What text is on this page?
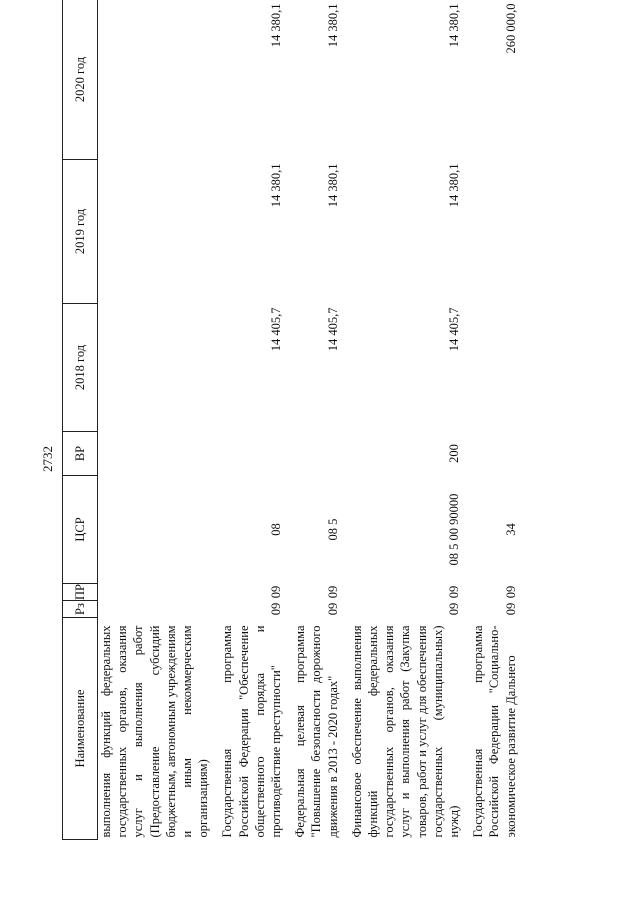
2732
Наименование	Рз	ПР	ЦСР	ВР	2018 год	2019 год	2020 год
выполнения функций федеральных государственных органов, оказания услуг и выполнения работ (Предоставление субсидий бюджетным, автономным учреждениям и иным некоммерческим организациям)							

Государственная программа Российской Федерации "Обеспечение общественного порядка и противодействие преступности"	09	09	08		14 405,7	14 380,1	14 380,1

Федеральная целевая программа "Повышение безопасности дорожного движения в 2013 - 2020 годах"	09	09	08 5		14 405,7	14 380,1	14 380,1

Финансовое обеспечение выполнения функций федеральных государственных органов, оказания услуг и выполнения работ (Закупка товаров, работ и услуг для обеспечения государственных (муниципальных) нужд)	09	09	08 5 00 90000	200	14 405,7	14 380,1	14 380,1

Государственная программа Российской Федерации "Социально-экономическое развитие Дальнего	09	09	34				260 000,0
